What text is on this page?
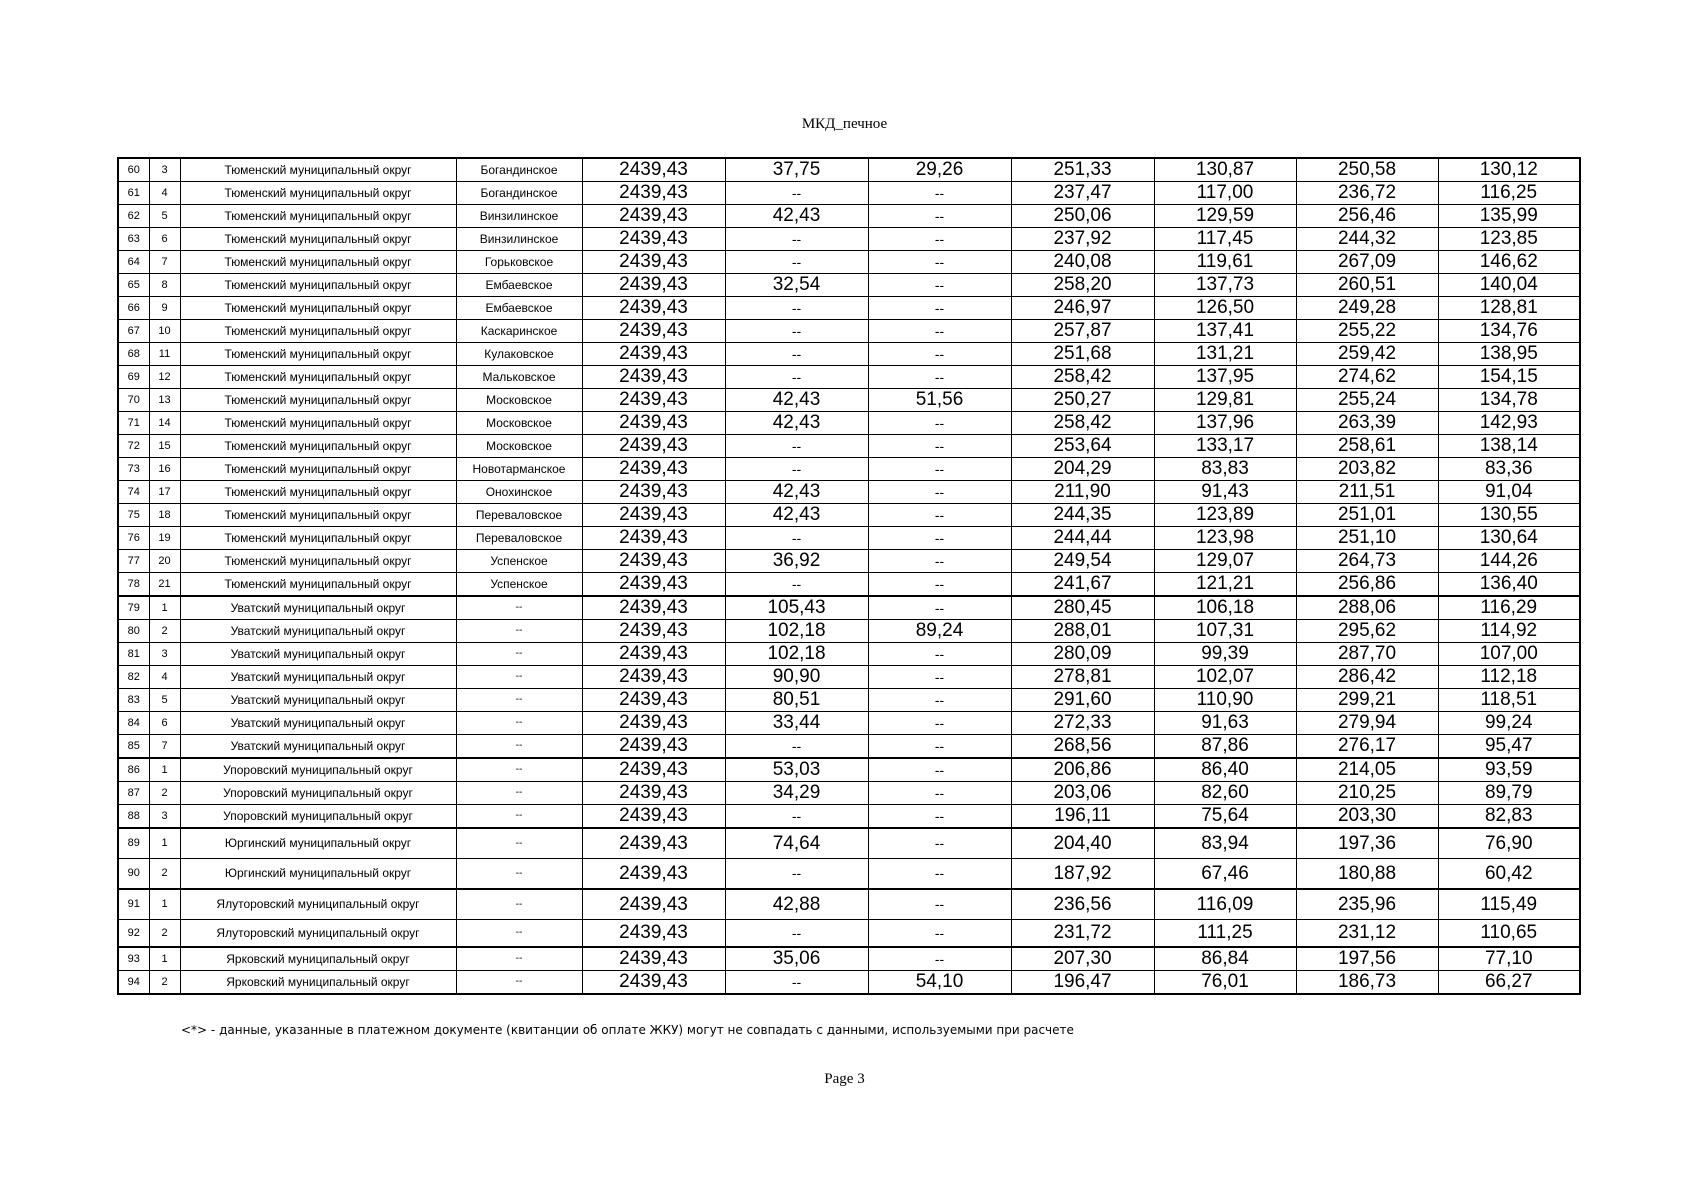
МКД_печное
60	3	Тюменский муниципальный округ	Богандинское	2439,43	37,75	29,26	251,33	130,87	250,58	130,12
61	4	Тюменский муниципальный округ	Богандинское	2439,43	--	--	237,47	117,00	236,72	116,25
62	5	Тюменский муниципальный округ	Винзилинское	2439,43	42,43	--	250,06	129,59	256,46	135,99
63	6	Тюменский муниципальный округ	Винзилинское	2439,43	--	--	237,92	117,45	244,32	123,85
64	7	Тюменский муниципальный округ	Горьковское	2439,43	--	--	240,08	119,61	267,09	146,62
65	8	Тюменский муниципальный округ	Ембаевское	2439,43	32,54	--	258,20	137,73	260,51	140,04
66	9	Тюменский муниципальный округ	Ембаевское	2439,43	--	--	246,97	126,50	249,28	128,81
67	10	Тюменский муниципальный округ	Каскаринское	2439,43	--	--	257,87	137,41	255,22	134,76
68	11	Тюменский муниципальный округ	Кулаковское	2439,43	--	--	251,68	131,21	259,42	138,95
69	12	Тюменский муниципальный округ	Мальковское	2439,43	--	--	258,42	137,95	274,62	154,15
70	13	Тюменский муниципальный округ	Московское	2439,43	42,43	51,56	250,27	129,81	255,24	134,78
71	14	Тюменский муниципальный округ	Московское	2439,43	42,43	--	258,42	137,96	263,39	142,93
72	15	Тюменский муниципальный округ	Московское	2439,43	--	--	253,64	133,17	258,61	138,14
73	16	Тюменский муниципальный округ	Новотарманское	2439,43	--	--	204,29	83,83	203,82	83,36
74	17	Тюменский муниципальный округ	Онохинское	2439,43	42,43	--	211,90	91,43	211,51	91,04
75	18	Тюменский муниципальный округ	Переваловское	2439,43	42,43	--	244,35	123,89	251,01	130,55
76	19	Тюменский муниципальный округ	Переваловское	2439,43	--	--	244,44	123,98	251,10	130,64
77	20	Тюменский муниципальный округ	Успенское	2439,43	36,92	--	249,54	129,07	264,73	144,26
78	21	Тюменский муниципальный округ	Успенское	2439,43	--	--	241,67	121,21	256,86	136,40
79	1	Уватский муниципальный округ	--	2439,43	105,43	--	280,45	106,18	288,06	116,29
80	2	Уватский муниципальный округ	--	2439,43	102,18	89,24	288,01	107,31	295,62	114,92
81	3	Уватский муниципальный округ	--	2439,43	102,18	--	280,09	99,39	287,70	107,00
82	4	Уватский муниципальный округ	--	2439,43	90,90	--	278,81	102,07	286,42	112,18
83	5	Уватский муниципальный округ	--	2439,43	80,51	--	291,60	110,90	299,21	118,51
84	6	Уватский муниципальный округ	--	2439,43	33,44	--	272,33	91,63	279,94	99,24
85	7	Уватский муниципальный округ	--	2439,43	--	--	268,56	87,86	276,17	95,47
86	1	Упоровский муниципальный округ	--	2439,43	53,03	--	206,86	86,40	214,05	93,59
87	2	Упоровский муниципальный округ	--	2439,43	34,29	--	203,06	82,60	210,25	89,79
88	3	Упоровский муниципальный округ	--	2439,43	--	--	196,11	75,64	203,30	82,83
89	1	Юргинский муниципальный округ	--	2439,43	74,64	--	204,40	83,94	197,36	76,90
90	2	Юргинский муниципальный округ	--	2439,43	--	--	187,92	67,46	180,88	60,42
91	1	Ялуторовский муниципальный округ	--	2439,43	42,88	--	236,56	116,09	235,96	115,49
92	2	Ялуторовский муниципальный округ	--	2439,43	--	--	231,72	111,25	231,12	110,65
93	1	Ярковский муниципальный округ	--	2439,43	35,06	--	207,30	86,84	197,56	77,10
94	2	Ярковский муниципальный округ	--	2439,43	--	54,10	196,47	76,01	186,73	66,27
<*> - данные, указанные в платежном документе (квитанции об оплате ЖКУ) могут не совпадать с данными, используемыми при расчете
Page 3
